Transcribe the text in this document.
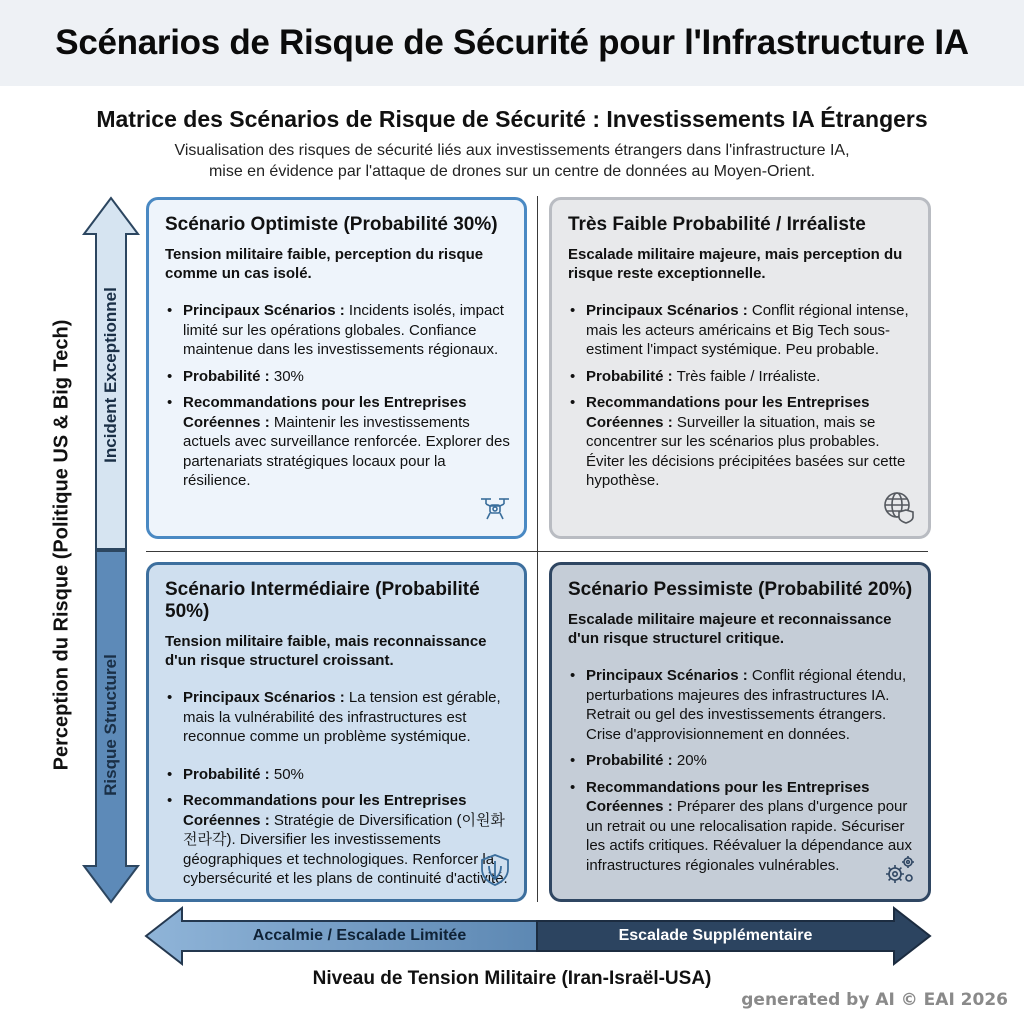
Scénarios de Risque de Sécurité pour l'Infrastructure IA
Matrice des Scénarios de Risque de Sécurité : Investissements IA Étrangers
Visualisation des risques de sécurité liés aux investissements étrangers dans l'infrastructure IA,
mise en évidence par l'attaque de drones sur un centre de données au Moyen-Orient.
Perception du Risque (Politique US & Big Tech) Incident Exceptionnel
Risque Structurel
Accalmie / Escalade Limitée	Escalade Supplémentaire
Niveau de Tension Militaire (Iran-Israël-USA)
Scénario Optimiste (Probabilité 30%)
Tension militaire faible, perception du risque comme un cas isolé.
• Principaux Scénarios : Incidents isolés, impact limité sur les opérations globales. Confiance maintenue dans les investissements régionaux.
• Probabilité : 30%
• Recommandations pour les Entreprises Coréennes : Maintenir les investissements actuels avec surveillance renforcée. Explorer des partenariats stratégiques locaux pour la résilience.
Très Faible Probabilité / Irréaliste
Escalade militaire majeure, mais perception du risque reste exceptionnelle.
• Principaux Scénarios : Conflit régional intense, mais les acteurs américains et Big Tech sous-estiment l'impact systémique. Peu probable.
• Probabilité : Très faible / Irréaliste.
• Recommandations pour les Entreprises Coréennes : Surveiller la situation, mais se concentrer sur les scénarios plus probables. Éviter les décisions précipitées basées sur cette hypothèse.
Scénario Intermédiaire (Probabilité 50%)
Tension militaire faible, mais reconnaissance d'un risque structurel croissant.
• Principaux Scénarios : La tension est gérable, mais la vulnérabilité des infrastructures est reconnue comme un problème systémique.
• Probabilité : 50%
• Recommandations pour les Entreprises Coréennes : Stratégie de Diversification (이원화 전라각). Diversifier les investissements géographiques et technologiques. Renforcer la cybersécurité et les plans de continuité d'activité.
Scénario Pessimiste (Probabilité 20%)
Escalade militaire majeure et reconnaissance d'un risque structurel critique.
• Principaux Scénarios : Conflit régional étendu, perturbations majeures des infrastructures IA. Retrait ou gel des investissements étrangers. Crise d'approvisionnement en données.
• Probabilité : 20%
• Recommandations pour les Entreprises Coréennes : Préparer des plans d'urgence pour un retrait ou une relocalisation rapide. Sécuriser les actifs critiques. Réévaluer la dépendance aux infrastructures régionales vulnérables.
generated by AI © EAI 2026
